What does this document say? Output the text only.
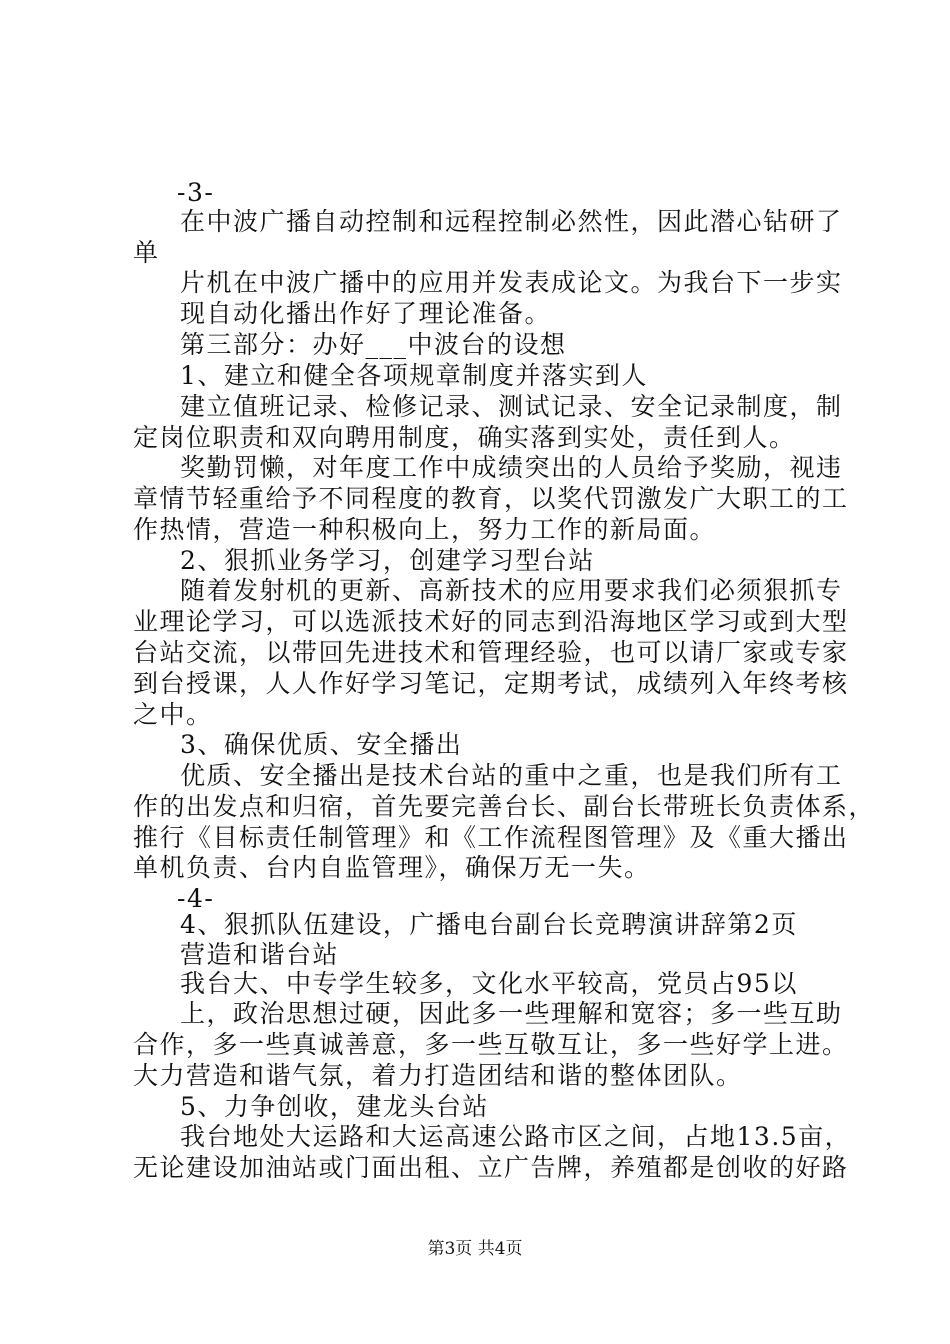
-3-
在中波广播自动控制和远程控制必然性，因此潜心钻研了
单
片机在中波广播中的应用并发表成论文。为我台下一步实
现自动化播出作好了理论准备。
第三部分：办好___中波台的设想
1、建立和健全各项规章制度并落实到人
建立值班记录、检修记录、测试记录、安全记录制度，制
定岗位职责和双向聘用制度，确实落到实处，责任到人。
奖勤罚懒，对年度工作中成绩突出的人员给予奖励，视违
章情节轻重给予不同程度的教育，以奖代罚激发广大职工的工
作热情，营造一种积极向上，努力工作的新局面。
2、狠抓业务学习，创建学习型台站
随着发射机的更新、高新技术的应用要求我们必须狠抓专
业理论学习，可以选派技术好的同志到沿海地区学习或到大型
台站交流，以带回先进技术和管理经验，也可以请厂家或专家
到台授课，人人作好学习笔记，定期考试，成绩列入年终考核
之中。
3、确保优质、安全播出
优质、安全播出是技术台站的重中之重，也是我们所有工
作的出发点和归宿，首先要完善台长、副台长带班长负责体系，
推行《目标责任制管理》和《工作流程图管理》及《重大播出
单机负责、台内自监管理》，确保万无一失。
-4-
4、狠抓队伍建设，广播电台副台长竞聘演讲辞第2页
营造和谐台站
我台大、中专学生较多，文化水平较高，党员占95以
上，政治思想过硬，因此多一些理解和宽容；多一些互助
合作，多一些真诚善意，多一些互敬互让，多一些好学上进。
大力营造和谐气氛，着力打造团结和谐的整体团队。
5、力争创收，建龙头台站
我台地处大运路和大运高速公路市区之间，占地13.5亩，
无论建设加油站或门面出租、立广告牌，养殖都是创收的好路
第3页 共4页
